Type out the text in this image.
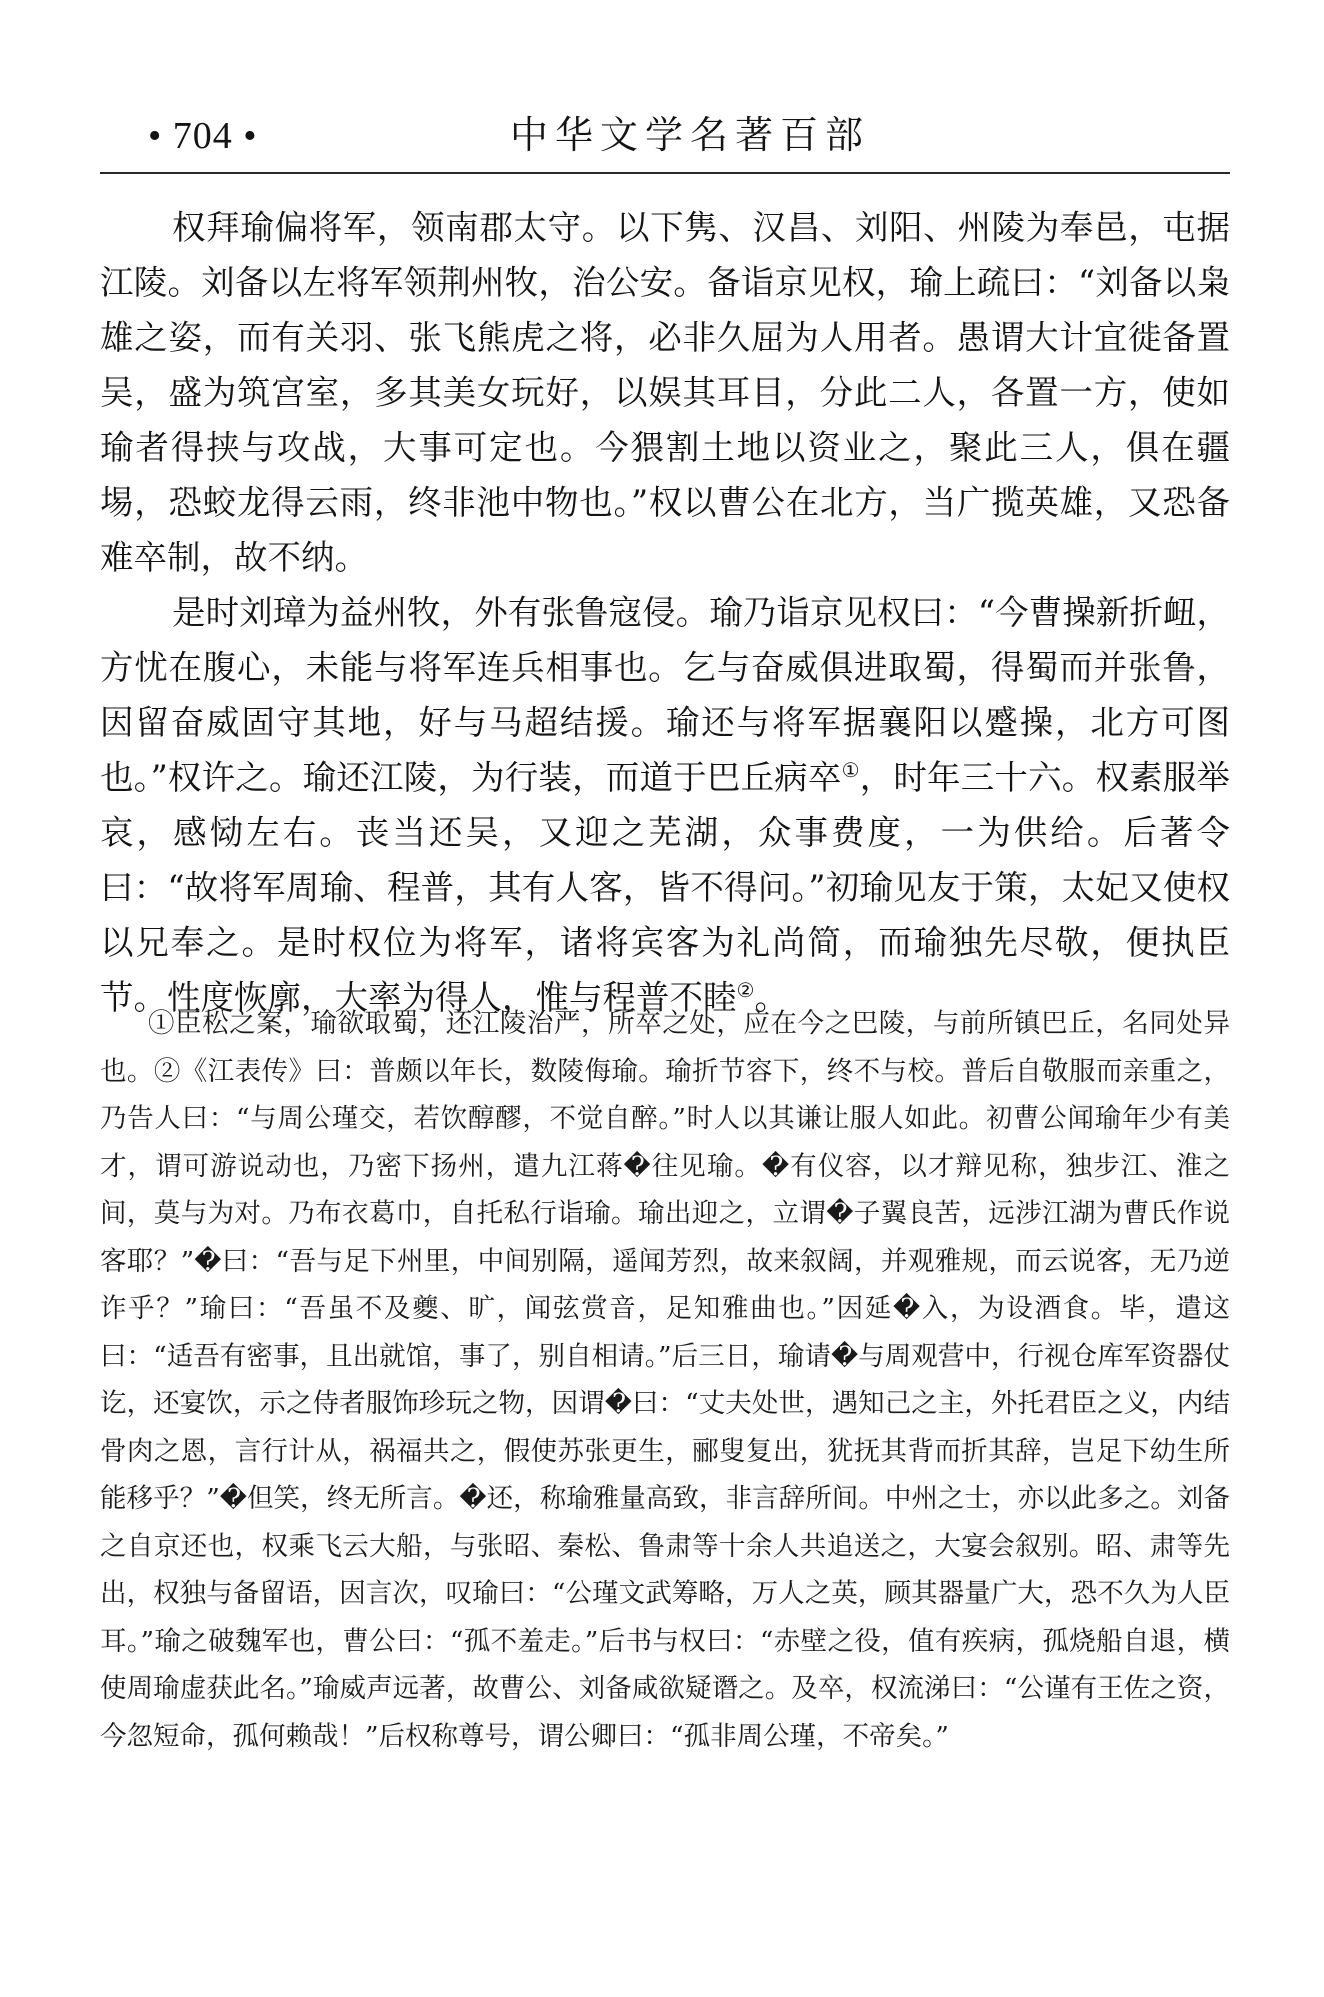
• 704 •	中华文学名著百部

权拜瑜偏将军，领南郡太守。以下隽、汉昌、刘阳、州陵为奉邑，屯据江陵。刘备以左将军领荆州牧，治公安。备诣京见权，瑜上疏曰：“刘备以枭雄之姿，而有关羽、张飞熊虎之将，必非久屈为人用者。愚谓大计宜徙备置吴，盛为筑宫室，多其美女玩好，以娱其耳目，分此二人，各置一方，使如瑜者得挟与攻战，大事可定也。今猥割土地以资业之，聚此三人，俱在疆埸，恐蛟龙得云雨，终非池中物也。”权以曹公在北方，当广揽英雄，又恐备难卒制，故不纳。

是时刘璋为益州牧，外有张鲁寇侵。瑜乃诣京见权曰：“今曹操新折衄，方忧在腹心，未能与将军连兵相事也。乞与奋威俱进取蜀，得蜀而并张鲁，因留奋威固守其地，好与马超结援。瑜还与将军据襄阳以蹙操，北方可图也。”权许之。瑜还江陵，为行装，而道于巴丘病卒①，时年三十六。权素服举哀，感恸左右。丧当还吴，又迎之芜湖，众事费度，一为供给。后著令曰：“故将军周瑜、程普，其有人客，皆不得问。”初瑜见友于策，太妃又使权以兄奉之。是时权位为将军，诸将宾客为礼尚简，而瑜独先尽敬，便执臣节。性度恢廓，大率为得人，惟与程普不睦②。

①臣松之案，瑜欲取蜀，还江陵治严，所卒之处，应在今之巴陵，与前所镇巴丘，名同处异也。②《江表传》曰：普颇以年长，数陵侮瑜。瑜折节容下，终不与校。普后自敬服而亲重之，乃告人曰：“与周公瑾交，若饮醇醪，不觉自醉。”时人以其谦让服人如此。初曹公闻瑜年少有美才，谓可游说动也，乃密下扬州，遣九江蒋�往见瑜。�有仪容，以才辩见称，独步江、淮之间，莫与为对。乃布衣葛巾，自托私行诣瑜。瑜出迎之，立谓�子翼良苦，远涉江湖为曹氏作说客耶？”�曰：“吾与足下州里，中间别隔，遥闻芳烈，故来叙阔，并观雅规，而云说客，无乃逆诈乎？”瑜曰：“吾虽不及夔、旷，闻弦赏音，足知雅曲也。”因延�入，为设酒食。毕，遣这曰：“适吾有密事，且出就馆，事了，别自相请。”后三日，瑜请�与周观营中，行视仓库军资器仗讫，还宴饮，示之侍者服饰珍玩之物，因谓�曰：“丈夫处世，遇知己之主，外托君臣之义，内结骨肉之恩，言行计从，祸福共之，假使苏张更生，郦叟复出，犹抚其背而折其辞，岂足下幼生所能移乎？”�但笑，终无所言。�还，称瑜雅量高致，非言辞所间。中州之士，亦以此多之。刘备之自京还也，权乘飞云大船，与张昭、秦松、鲁肃等十余人共追送之，大宴会叙别。昭、肃等先出，权独与备留语，因言次，叹瑜曰：“公瑾文武筹略，万人之英，顾其器量广大，恐不久为人臣耳。”瑜之破魏军也，曹公曰：“孤不羞走。”后书与权曰：“赤壁之役，值有疾病，孤烧船自退，横使周瑜虚获此名。”瑜威声远著，故曹公、刘备咸欲疑谮之。及卒，权流涕曰：“公谨有王佐之资，今忽短命，孤何赖哉！”后权称尊号，谓公卿曰：“孤非周公瑾，不帝矣。”
